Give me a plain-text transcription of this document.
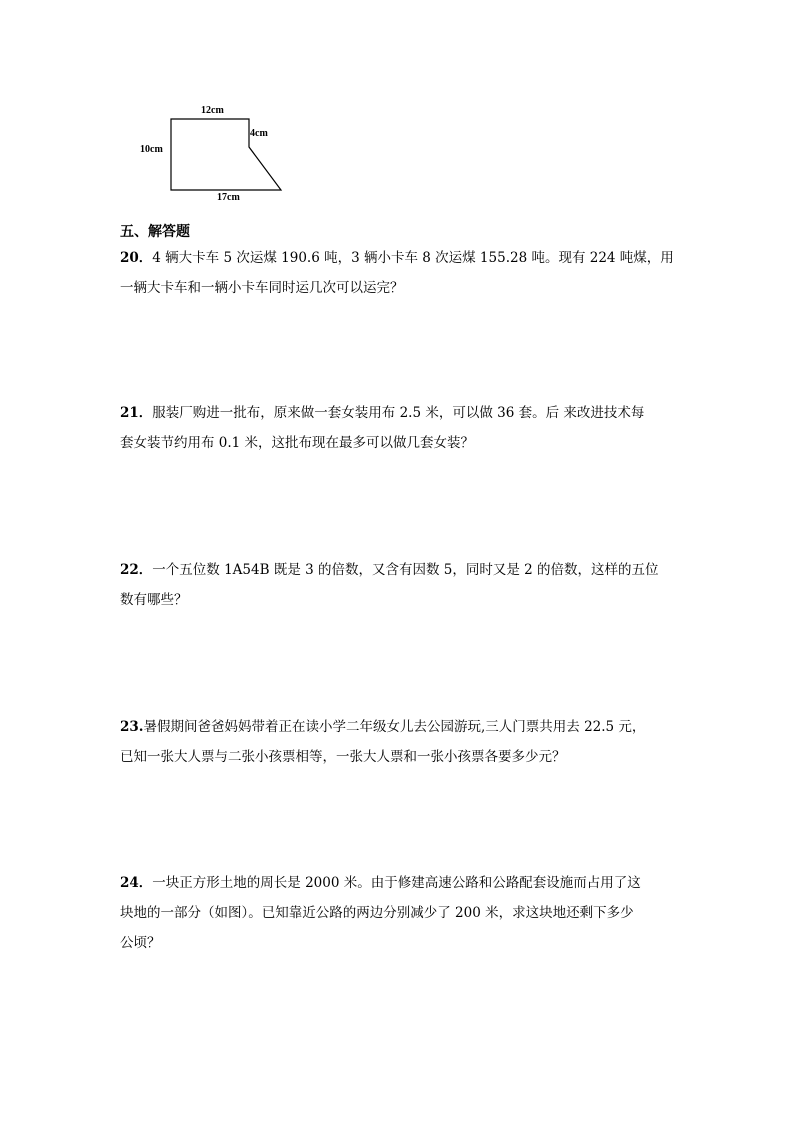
12cm
4cm
10cm
17cm
五、解答题
20．4 辆大卡车 5 次运煤 190.6 吨，3 辆小卡车 8 次运煤 155.28 吨。现有 224 吨煤，用
一辆大卡车和一辆小卡车同时运几次可以运完？
21．服装厂购进一批布，原来做一套女装用布 2.5 米，可以做 36 套。后 来改进技术每
套女装节约用布 0.1 米，这批布现在最多可以做几套女装？
22．一个五位数 1A54B 既是 3 的倍数，又含有因数 5，同时又是 2 的倍数，这样的五位
数有哪些？
23.暑假期间爸爸妈妈带着正在读小学二年级女儿去公园游玩,三人门票共用去 22.5 元，
已知一张大人票与二张小孩票相等，一张大人票和一张小孩票各要多少元？
24．一块正方形土地的周长是 2000 米。由于修建高速公路和公路配套设施而占用了这
块地的一部分（如图）。已知靠近公路的两边分别减少了 200 米，求这块地还剩下多少
公顷？
